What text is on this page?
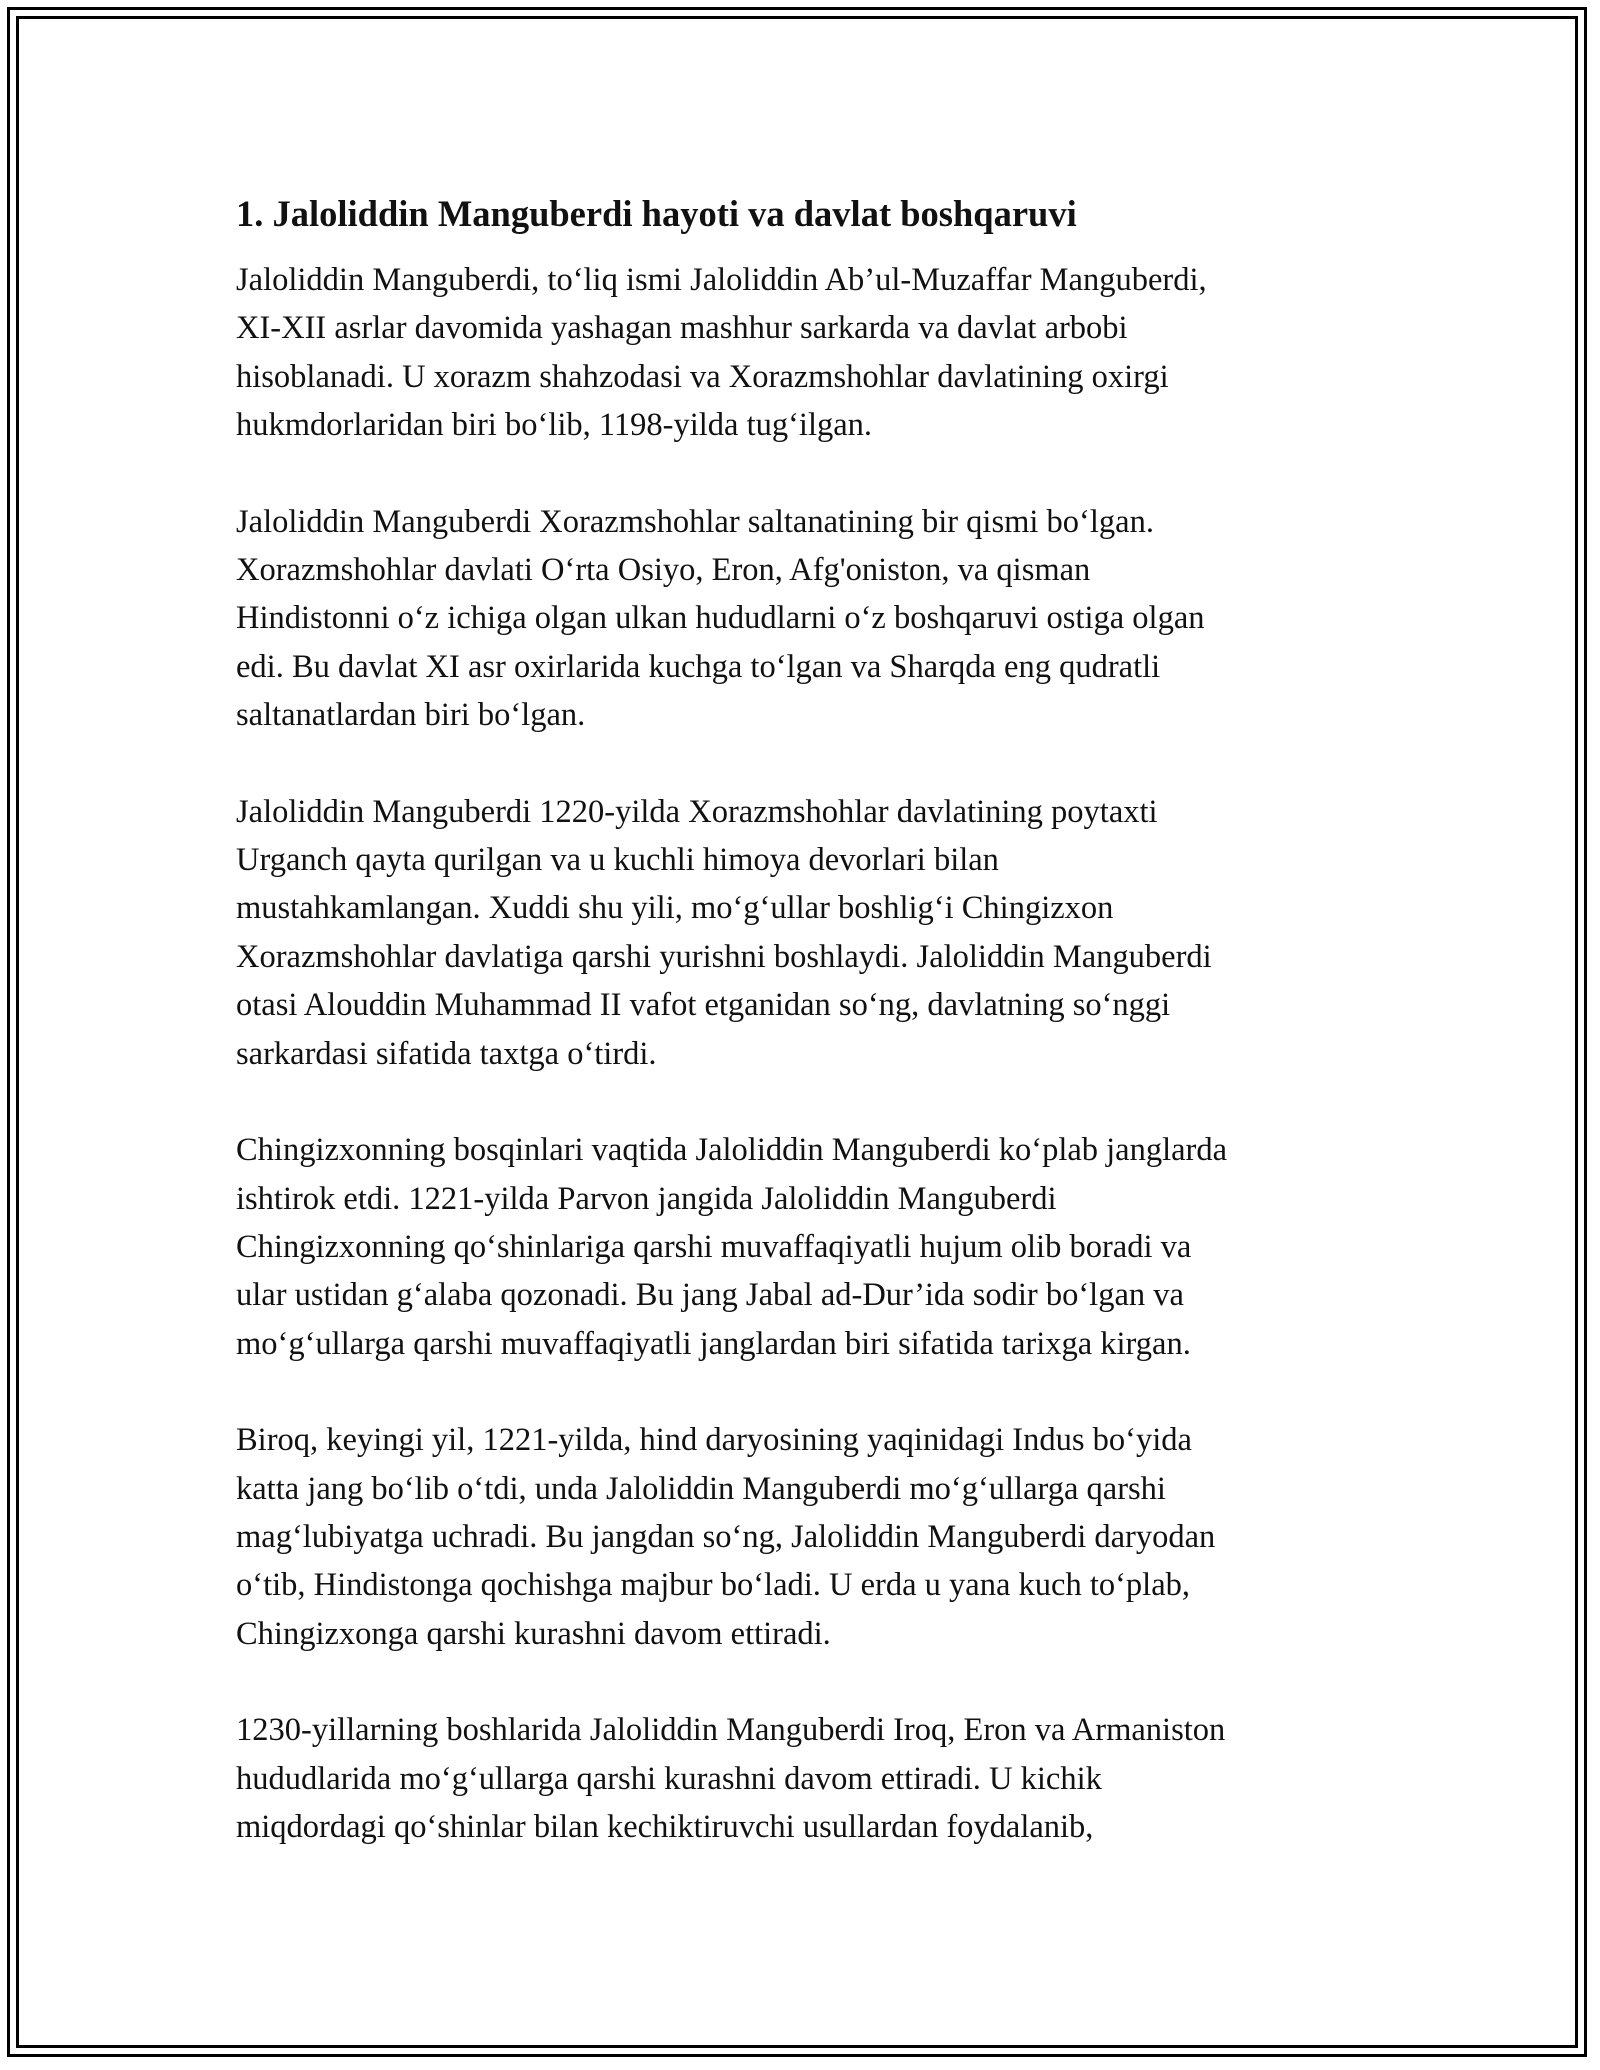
1. Jaloliddin Manguberdi hayoti va davlat boshqaruvi

Jaloliddin Manguberdi, to‘liq ismi Jaloliddin Ab’ul-Muzaffar Manguberdi,
XI-XII asrlar davomida yashagan mashhur sarkarda va davlat arbobi
hisoblanadi. U xorazm shahzodasi va Xorazmshohlar davlatining oxirgi
hukmdorlaridan biri bo‘lib, 1198-yilda tug‘ilgan.

Jaloliddin Manguberdi Xorazmshohlar saltanatining bir qismi bo‘lgan.
Xorazmshohlar davlati O‘rta Osiyo, Eron, Afg'oniston, va qisman
Hindistonni o‘z ichiga olgan ulkan hududlarni o‘z boshqaruvi ostiga olgan
edi. Bu davlat XI asr oxirlarida kuchga to‘lgan va Sharqda eng qudratli
saltanatlardan biri bo‘lgan.

Jaloliddin Manguberdi 1220-yilda Xorazmshohlar davlatining poytaxti
Urganch qayta qurilgan va u kuchli himoya devorlari bilan
mustahkamlangan. Xuddi shu yili, mo‘g‘ullar boshlig‘i Chingizxon
Xorazmshohlar davlatiga qarshi yurishni boshlaydi. Jaloliddin Manguberdi
otasi Alouddin Muhammad II vafot etganidan so‘ng, davlatning so‘nggi
sarkardasi sifatida taxtga o‘tirdi.

Chingizxonning bosqinlari vaqtida Jaloliddin Manguberdi ko‘plab janglarda
ishtirok etdi. 1221-yilda Parvon jangida Jaloliddin Manguberdi
Chingizxonning qo‘shinlariga qarshi muvaffaqiyatli hujum olib boradi va
ular ustidan g‘alaba qozonadi. Bu jang Jabal ad-Dur’ida sodir bo‘lgan va
mo‘g‘ullarga qarshi muvaffaqiyatli janglardan biri sifatida tarixga kirgan.

Biroq, keyingi yil, 1221-yilda, hind daryosining yaqinidagi Indus bo‘yida
katta jang bo‘lib o‘tdi, unda Jaloliddin Manguberdi mo‘g‘ullarga qarshi
mag‘lubiyatga uchradi. Bu jangdan so‘ng, Jaloliddin Manguberdi daryodan
o‘tib, Hindistonga qochishga majbur bo‘ladi. U erda u yana kuch to‘plab,
Chingizxonga qarshi kurashni davom ettiradi.

1230-yillarning boshlarida Jaloliddin Manguberdi Iroq, Eron va Armaniston
hududlarida mo‘g‘ullarga qarshi kurashni davom ettiradi. U kichik
miqdordagi qo‘shinlar bilan kechiktiruvchi usullardan foydalanib,
